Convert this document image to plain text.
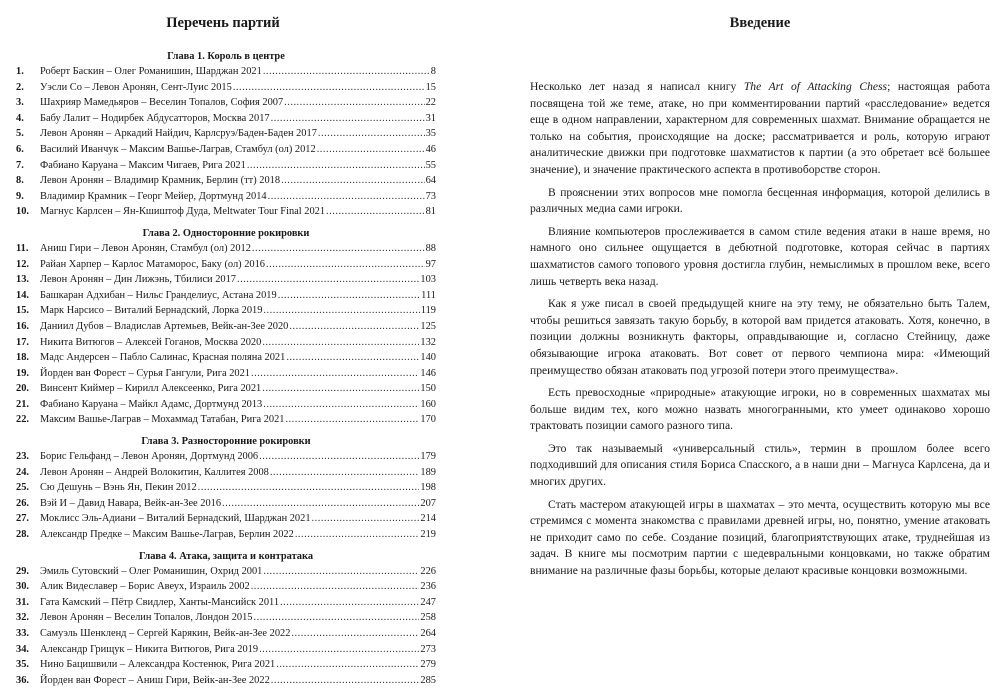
Перечень партий
Глава 1. Король в центре
1.	Роберт Баскин – Олег Романишин, Шарджан 2021 .....	8
2.	Уэсли Со – Левон Аронян, Сент-Луис 2015 .....	15
3.	Шахрияр Мамедьяров – Веселин Топалов, София 2007 .....	22
4.	Бабу Лалит – Нодирбек Абдусатторов, Москва 2017 .....	31
5.	Левон Аронян – Аркадий Найдич, Карлсруэ/Баден-Баден 2017 .....	35
6.	Василий Иванчук – Максим Вашье-Лаграв, Стамбул (ол) 2012 .....	46
7.	Фабиано Каруана – Максим Чигаев, Рига 2021 .....	55
8.	Левон Аронян – Владимир Крамник, Берлин (тт) 2018 .....	64
9.	Владимир Крамник – Георг Мейер, Дортмунд 2014 .....	73
10.	Магнус Карлсен – Ян-Кшиштоф Дуда, Meltwater Tour Final 2021 .....	81
Глава 2. Односторонние рокировки
11.	Аниш Гири – Левон Аронян, Стамбул (ол) 2012 .....	88
12.	Райан Харпер – Карлос Матаморос, Баку (ол) 2016 .....	97
13.	Левон Аронян – Дин Лижэнь, Тбилиси 2017 .....	103
14.	Башкаран Адхибан – Нильс Гранделиус, Астана 2019 .....	111
15.	Марк Нарсисо – Виталий Бернадский, Лорка 2019 .....	119
16.	Даниил Дубов – Владислав Артемьев, Вейк-ан-Зее 2020 .....	125
17.	Никита Витюгов – Алексей Гоганов, Москва 2020 .....	132
18.	Мадс Андерсен – Пабло Салинас, Красная поляна 2021 .....	140
19.	Йорден ван Форест – Сурья Гангули, Рига 2021 .....	146
20.	Винсент Киймер – Кирилл Алексеенко, Рига 2021 .....	150
21.	Фабиано Каруана – Майкл Адамс, Дортмунд 2013 .....	160
22.	Максим Вашье-Лаграв – Мохаммад Татабан, Рига 2021 .....	170
Глава 3. Разносторонние рокировки
23.	Борис Гельфанд – Левон Аронян, Дортмунд 2006 .....	179
24.	Левон Аронян – Андрей Волокитин, Каллитея 2008 .....	189
25.	Сю Дешунь – Вэнь Ян, Пекин 2012 .....	198
26.	Вэй И – Давид Навара, Вейк-ан-Зее 2016 .....	207
27.	Моклисс Эль-Адиани – Виталий Бернадский, Шарджан 2021 .....	214
28.	Александр Предке – Максим Вашье-Лаграв, Берлин 2022 .....	219
Глава 4. Атака, защита и контратака
29.	Эмиль Сутовский – Олег Романишин, Охрид 2001 .....	226
30.	Алик Видеславер – Борис Авеух, Израиль 2002 .....	236
31.	Гата Камский – Пётр Свидлер, Ханты-Мансийск 2011 .....	247
32.	Левон Аронян – Веселин Топалов, Лондон 2015 .....	258
33.	Самуэль Шенкленд – Сергей Карякин, Вейк-ан-Зее 2022 .....	264
34.	Александр Грищук – Никита Витюгов, Рига 2019 .....	273
35.	Нино Бацишвили – Александра Костенюк, Рига 2021 .....	279
36.	Йорден ван Форест – Аниш Гири, Вейк-ан-Зее 2022 .....	285
Введение

Несколько лет назад я написал книгу The Art of Attacking Chess; настоящая работа посвящена той же теме, атаке, но при комментировании партий «расследование» ведется еще в одном направлении, характерном для современных шахмат. Внимание обращается не только на события, происходящие на доске; рассматривается и роль, которую играют аналитические движки при подготовке шахматистов к партии (а это обретает всё большее значение), и значение практического аспекта в противоборстве сторон.

В прояснении этих вопросов мне помогла бесценная информация, которой делились в различных медиа сами игроки.

Влияние компьютеров прослеживается в самом стиле ведения атаки в наше время, но намного оно сильнее ощущается в дебютной подготовке, которая сейчас в партиях шахматистов самого топового уровня достигла глубин, немыслимых в прошлом веке, всего лишь четверть века назад.

Как я уже писал в своей предыдущей книге на эту тему, не обязательно быть Талем, чтобы решиться завязать такую борьбу, в которой вам придется атаковать. Хотя, конечно, в позиции должны возникнуть факторы, оправдывающие и, согласно Стейницу, даже обязывающие игрока атаковать. Вот совет от первого чемпиона мира: «Имеющий преимущество обязан атаковать под угрозой потери этого преимущества».

Есть превосходные «природные» атакующие игроки, но в современных шахматах мы больше видим тех, кого можно назвать многогранными, кто умеет одинаково хорошо трактовать позиции самого разного типа.

Это так называемый «универсальный стиль», термин в прошлом более всего подходивший для описания стиля Бориса Спасского, а в наши дни – Магнуса Карлсена, да и многих других.

Стать мастером атакующей игры в шахматах – это мечта, осуществить которую мы все стремимся с момента знакомства с правилами древней игры, но, понятно, умение атаковать не приходит само по себе. Создание позиций, благоприятствующих атаке, труднейшая из задач. В книге мы посмотрим партии с шедевральными концовками, но также обратим внимание на различные фазы борьбы, которые делают красивые концовки возможными.
